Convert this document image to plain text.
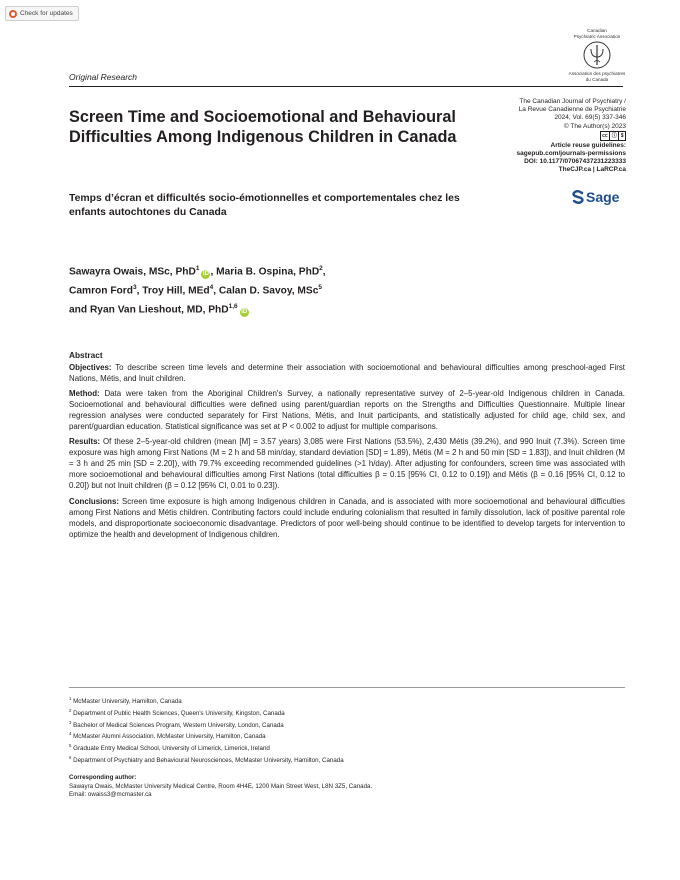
Check for updates
Canadian
Psychiatric Association
Association des psychiatres
du Canada
Original Research
Screen Time and Socioemotional and Behavioural Difficulties Among Indigenous Children in Canada
Temps d’écran et difficultés socio-émotionnelles et comportementales chez les enfants autochtones du Canada
The Canadian Journal of Psychiatry /
La Revue Canadienne de Psychiatrie
2024, Vol. 69(5) 337-346
© The Author(s) 2023
cc ⓘ $
Article reuse guidelines:
sagepub.com/journals-permissions
DOI: 10.1177/07067437231223333
TheCJP.ca | LaRCP.ca
Sage
Sawayra Owais, MSc, PhD$^1$iD , Maria B. Ospina, PhD$^2$,
Camron Ford$^3$, Troy Hill, MEd$^4$, Calan D. Savoy, MSc$^5$
and Ryan Van Lieshout, MD, PhD$^{1,6}$iD
Abstract

Objectives: To describe screen time levels and determine their association with socioemotional and behavioural difficulties among preschool-aged First Nations, Métis, and Inuit children.

Method: Data were taken from the Aboriginal Children's Survey, a nationally representative survey of 2–5-year-old Indigenous children in Canada. Socioemotional and behavioural difficulties were defined using parent/guardian reports on the Strengths and Difficulties Questionnaire. Multiple linear regression analyses were conducted separately for First Nations, Métis, and Inuit participants, and statistically adjusted for child age, child sex, and parent/guardian education. Statistical significance was set at P < 0.002 to adjust for multiple comparisons.

Results: Of these 2–5-year-old children (mean [M] = 3.57 years) 3,085 were First Nations (53.5%), 2,430 Métis (39.2%), and 990 Inuit (7.3%). Screen time exposure was high among First Nations (M = 2 h and 58 min/day, standard deviation [SD] = 1.89), Métis (M = 2 h and 50 min [SD = 1.83]), and Inuit children (M = 3 h and 25 min [SD = 2.20]), with 79.7% exceeding recommended guidelines (>1 h/day). After adjusting for confounders, screen time was associated with more socioemotional and behavioural difficulties among First Nations (total difficulties β = 0.15 [95% CI, 0.12 to 0.19]) and Métis (β = 0.16 [95% CI, 0.12 to 0.20]) but not Inuit children (β = 0.12 [95% CI, 0.01 to 0.23]).

Conclusions: Screen time exposure is high among Indigenous children in Canada, and is associated with more socioemotional and behavioural difficulties among First Nations and Métis children. Contributing factors could include enduring colonialism that resulted in family dissolution, lack of positive parental role models, and disproportionate socioeconomic disadvantage. Predictors of poor well-being should continue to be identified to develop targets for intervention to optimize the health and development of Indigenous children.

$^1$ McMaster University, Hamilton, Canada
$^2$ Department of Public Health Sciences, Queen's University, Kingston, Canada
$^3$ Bachelor of Medical Sciences Program, Western University, London, Canada
$^4$ McMaster Alumni Association, McMaster University, Hamilton, Canada
$^5$ Graduate Entry Medical School, University of Limerick, Limerick, Ireland
$^6$ Department of Psychiatry and Behavioural Neurosciences, McMaster University, Hamilton, Canada
Corresponding author:
Sawayra Owais, McMaster University Medical Centre, Room 4H4E, 1200 Main Street West, L8N 3Z5, Canada.
Email: owaiss3@mcmaster.ca
